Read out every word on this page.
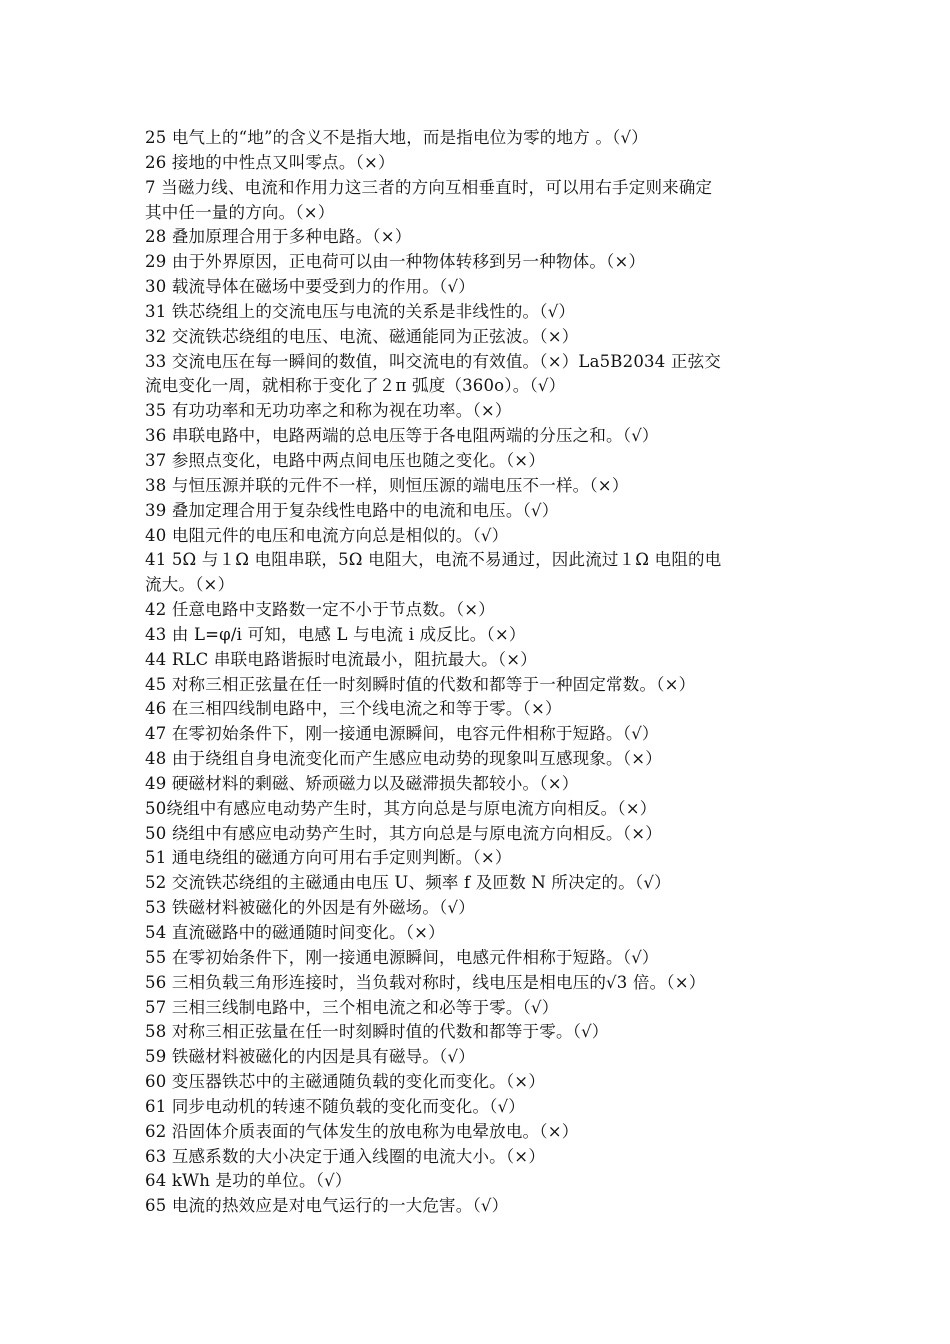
25 电气上的“地”的含义不是指大地，而是指电位为零的地方 。（√）
26 接地的中性点又叫零点。（×）
7 当磁力线、电流和作用力这三者的方向互相垂直时，可以用右手定则来确定
其中任一量的方向。（×）
28 叠加原理合用于多种电路。（×）
29 由于外界原因，正电荷可以由一种物体转移到另一种物体。（×）
30 载流导体在磁场中要受到力的作用。（√）
31 铁芯绕组上的交流电压与电流的关系是非线性的。（√）
32 交流铁芯绕组的电压、电流、磁通能同为正弦波。（×）
33 交流电压在每一瞬间的数值，叫交流电的有效值。（×）La5B2034 正弦交
流电变化一周，就相称于变化了２π 弧度（360o）。（√）
35 有功功率和无功功率之和称为视在功率。（×）
36 串联电路中，电路两端的总电压等于各电阻两端的分压之和。（√）
37 参照点变化，电路中两点间电压也随之变化。（×）
38 与恒压源并联的元件不一样，则恒压源的端电压不一样。（×）
39 叠加定理合用于复杂线性电路中的电流和电压。（√）
40 电阻元件的电压和电流方向总是相似的。（√）
41 5Ω 与１Ω 电阻串联，5Ω 电阻大，电流不易通过，因此流过１Ω 电阻的电
流大。（×）
42 任意电路中支路数一定不小于节点数。（×）
43 由 L=φ/i 可知，电感 L 与电流 i 成反比。（×）
44 RLC 串联电路谐振时电流最小，阻抗最大。（×）
45 对称三相正弦量在任一时刻瞬时值的代数和都等于一种固定常数。（×）
46 在三相四线制电路中，三个线电流之和等于零。（×）
47 在零初始条件下，刚一接通电源瞬间，电容元件相称于短路。（√）
48 由于绕组自身电流变化而产生感应电动势的现象叫互感现象。（×）
49 硬磁材料的剩磁、矫顽磁力以及磁滞损失都较小。（×）
50绕组中有感应电动势产生时，其方向总是与原电流方向相反。（×）
50 绕组中有感应电动势产生时，其方向总是与原电流方向相反。（×）
51 通电绕组的磁通方向可用右手定则判断。（×）
52 交流铁芯绕组的主磁通由电压 U、频率 f 及匝数 N 所决定的。（√）
53 铁磁材料被磁化的外因是有外磁场。（√）
54 直流磁路中的磁通随时间变化。（×）
55 在零初始条件下，刚一接通电源瞬间，电感元件相称于短路。（√）
56 三相负载三角形连接时，当负载对称时，线电压是相电压的√3 倍。（×）
57 三相三线制电路中，三个相电流之和必等于零。（√）
58 对称三相正弦量在任一时刻瞬时值的代数和都等于零。（√）
59 铁磁材料被磁化的内因是具有磁导。（√）
60 变压器铁芯中的主磁通随负载的变化而变化。（×）
61 同步电动机的转速不随负载的变化而变化。（√）
62 沿固体介质表面的气体发生的放电称为电晕放电。（×）
63 互感系数的大小决定于通入线圈的电流大小。（×）
64 kWh 是功的单位。（√）
65 电流的热效应是对电气运行的一大危害。（√）
